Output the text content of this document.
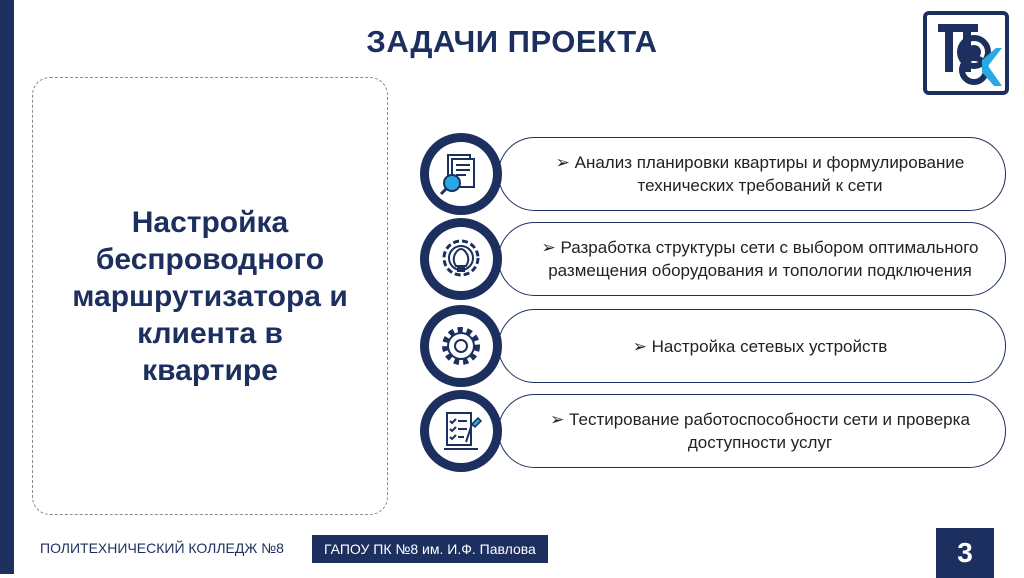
ЗАДАЧИ ПРОЕКТА
Настройка
беспроводного
маршрутизатора и
клиента в
квартире
➢ Анализ планировки квартиры и формулирование технических требований к сети
➢ Разработка структуры сети с выбором оптимального размещения оборудования и топологии подключения
➢ Настройка сетевых устройств
➢ Тестирование работоспособности сети и проверка доступности услуг
ПОЛИТЕХНИЧЕСКИЙ КОЛЛЕДЖ №8	ГАПОУ ПК №8 им. И.Ф. Павлова	3
